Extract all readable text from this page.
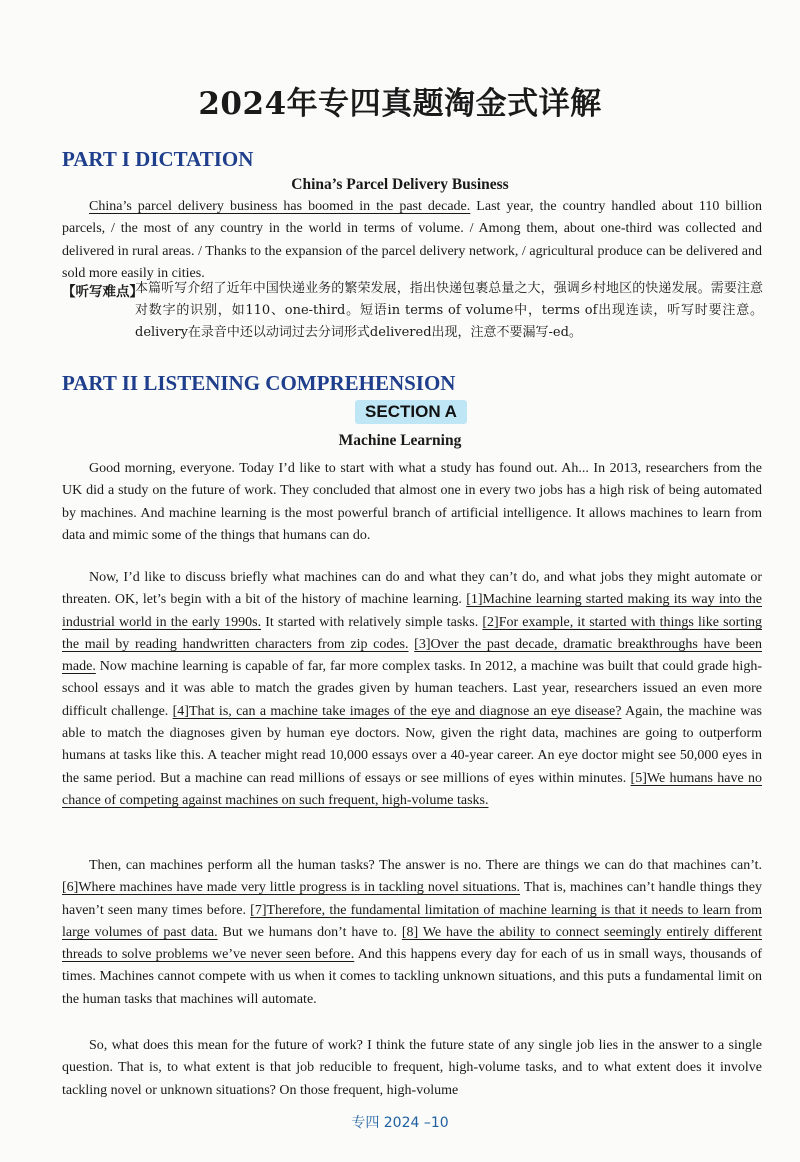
2024年专四真题淘金式详解
PART I DICTATION
China’s Parcel Delivery Business
China’s parcel delivery business has boomed in the past decade. Last year, the country handled about 110 billion parcels, / the most of any country in the world in terms of volume. / Among them, about one-third was collected and delivered in rural areas. / Thanks to the expansion of the parcel delivery network, / agricultural produce can be delivered and sold more easily in cities.
【听写难点】
本篇听写介绍了近年中国快递业务的繁荣发展，指出快递包裹总量之大，强调乡村地区的快递发展。需要注意对数字的识别，如110、one-third。短语in terms of volume中，terms of出现连读，听写时要注意。delivery在录音中还以动词过去分词形式delivered出现，注意不要漏写-ed。
PART II LISTENING COMPREHENSION
SECTION A
Machine Learning
Good morning, everyone. Today I’d like to start with what a study has found out. Ah... In 2013, researchers from the UK did a study on the future of work. They concluded that almost one in every two jobs has a high risk of being automated by machines. And machine learning is the most powerful branch of artificial intelligence. It allows machines to learn from data and mimic some of the things that humans can do.
Now, I’d like to discuss briefly what machines can do and what they can’t do, and what jobs they might automate or threaten. OK, let’s begin with a bit of the history of machine learning. [1]Machine learning started making its way into the industrial world in the early 1990s. It started with relatively simple tasks. [2]For example, it started with things like sorting the mail by reading handwritten characters from zip codes. [3]Over the past decade, dramatic breakthroughs have been made. Now machine learning is capable of far, far more complex tasks. In 2012, a machine was built that could grade high-school essays and it was able to match the grades given by human teachers. Last year, researchers issued an even more difficult challenge. [4]That is, can a machine take images of the eye and diagnose an eye disease? Again, the machine was able to match the diagnoses given by human eye doctors. Now, given the right data, machines are going to outperform humans at tasks like this. A teacher might read 10,000 essays over a 40-year career. An eye doctor might see 50,000 eyes in the same period. But a machine can read millions of essays or see millions of eyes within minutes. [5]We humans have no chance of competing against machines on such frequent, high-volume tasks.
Then, can machines perform all the human tasks? The answer is no. There are things we can do that machines can’t. [6]Where machines have made very little progress is in tackling novel situations. That is, machines can’t handle things they haven’t seen many times before. [7]Therefore, the fundamental limitation of machine learning is that it needs to learn from large volumes of past data. But we humans don’t have to. [8] We have the ability to connect seemingly entirely different threads to solve problems we’ve never seen before. And this happens every day for each of us in small ways, thousands of times. Machines cannot compete with us when it comes to tackling unknown situations, and this puts a fundamental limit on the human tasks that machines will automate.
So, what does this mean for the future of work? I think the future state of any single job lies in the answer to a single question. That is, to what extent is that job reducible to frequent, high-volume tasks, and to what extent does it involve tackling novel or unknown situations? On those frequent, high-volume
专四 2024 –10
